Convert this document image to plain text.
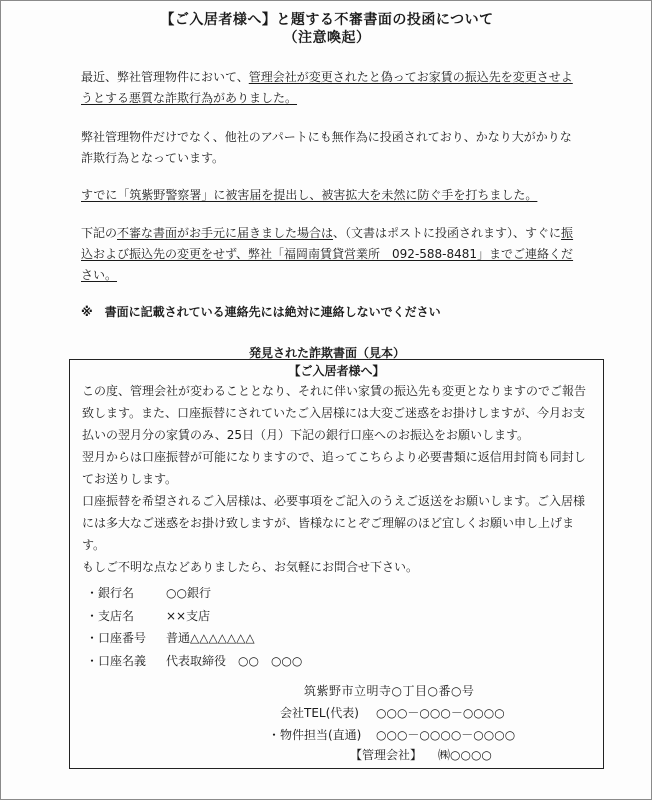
【ご入居者様へ】と題する不審書面の投函について
（注意喚起）

最近、弊社管理物件において、管理会社が変更されたと偽ってお家賃の振込先を変更させようとする悪質な詐欺行為がありました。

弊社管理物件だけでなく、他社のアパートにも無作為に投函されており、かなり大がかりな詐欺行為となっています。

すでに「筑紫野警察署」に被害届を提出し、被害拡大を未然に防ぐ手を打ちました。

下記の不審な書面がお手元に届きました場合は、（文書はポストに投函されます）、すぐに振込および振込先の変更をせず、弊社「福岡南賃貸営業所　092-588-8481」までご連絡ください。

※　書面に記載されている連絡先には絶対に連絡しないでください

発見された詐欺書面（見本）
【ご入居者様へ】

この度、管理会社が変わることとなり、それに伴い家賃の振込先も変更となりますのでご報告致します。また、口座振替にされていたご入居様には大変ご迷惑をお掛けしますが、今月お支払いの翌月分の家賃のみ、25日（月）下記の銀行口座へのお振込をお願いします。

翌月からは口座振替が可能になりますので、追ってこちらより必要書類に返信用封筒も同封してお送りします。

口座振替を希望されるご入居様は、必要事項をご記入のうえご返送をお願いします。ご入居様には多大なご迷惑をお掛け致しますが、皆様なにとぞご理解のほど宜しくお願い申し上げます。

もしご不明な点などありましたら、お気軽にお問合せ下さい。

・銀行名	○○銀行
・支店名	××支店
・口座番号	普通△△△△△△△
・口座名義	代表取締役　○○　○○○
筑紫野市立明寺○丁目○番○号
会社TEL(代表) ○○○－○○○－○○○○
・物件担当(直通) ○○○－○○○○－○○○○
【管理会社】 ㈱○○○○
